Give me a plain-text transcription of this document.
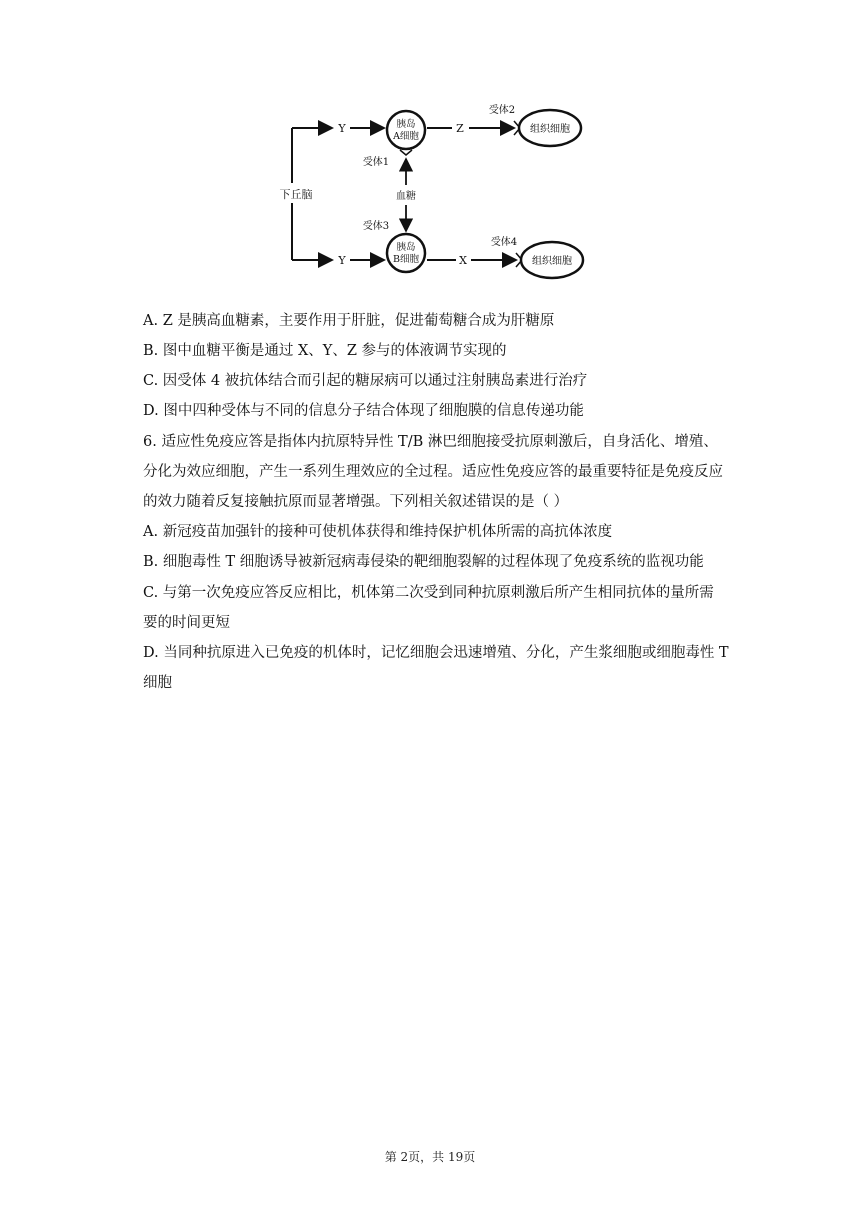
下丘脑
Y	胰岛
A细胞
受体1
Z
受体2
组织细胞
血糖
受体3
Y
胰岛
B细胞	X
受体4
组织细胞
A. Z 是胰高血糖素，主要作用于肝脏，促进葡萄糖合成为肝糖原
B. 图中血糖平衡是通过 X、Y、Z 参与的体液调节实现的
C. 因受体 4 被抗体结合而引起的糖尿病可以通过注射胰岛素进行治疗
D. 图中四种受体与不同的信息分子结合体现了细胞膜的信息传递功能
6. 适应性免疫应答是指体内抗原特异性 T/B 淋巴细胞接受抗原刺激后，自身活化、增殖、
分化为效应细胞，产生一系列生理效应的全过程。适应性免疫应答的最重要特征是免疫反应
的效力随着反复接触抗原而显著增强。下列相关叙述错误的是（ ）
A. 新冠疫苗加强针的接种可使机体获得和维持保护机体所需的高抗体浓度
B. 细胞毒性 T 细胞诱导被新冠病毒侵染的靶细胞裂解的过程体现了免疫系统的监视功能
C. 与第一次免疫应答反应相比，机体第二次受到同种抗原刺激后所产生相同抗体的量所需
要的时间更短
D. 当同种抗原进入已免疫的机体时，记忆细胞会迅速增殖、分化，产生浆细胞或细胞毒性 T
细胞
第 2页，共 19页
